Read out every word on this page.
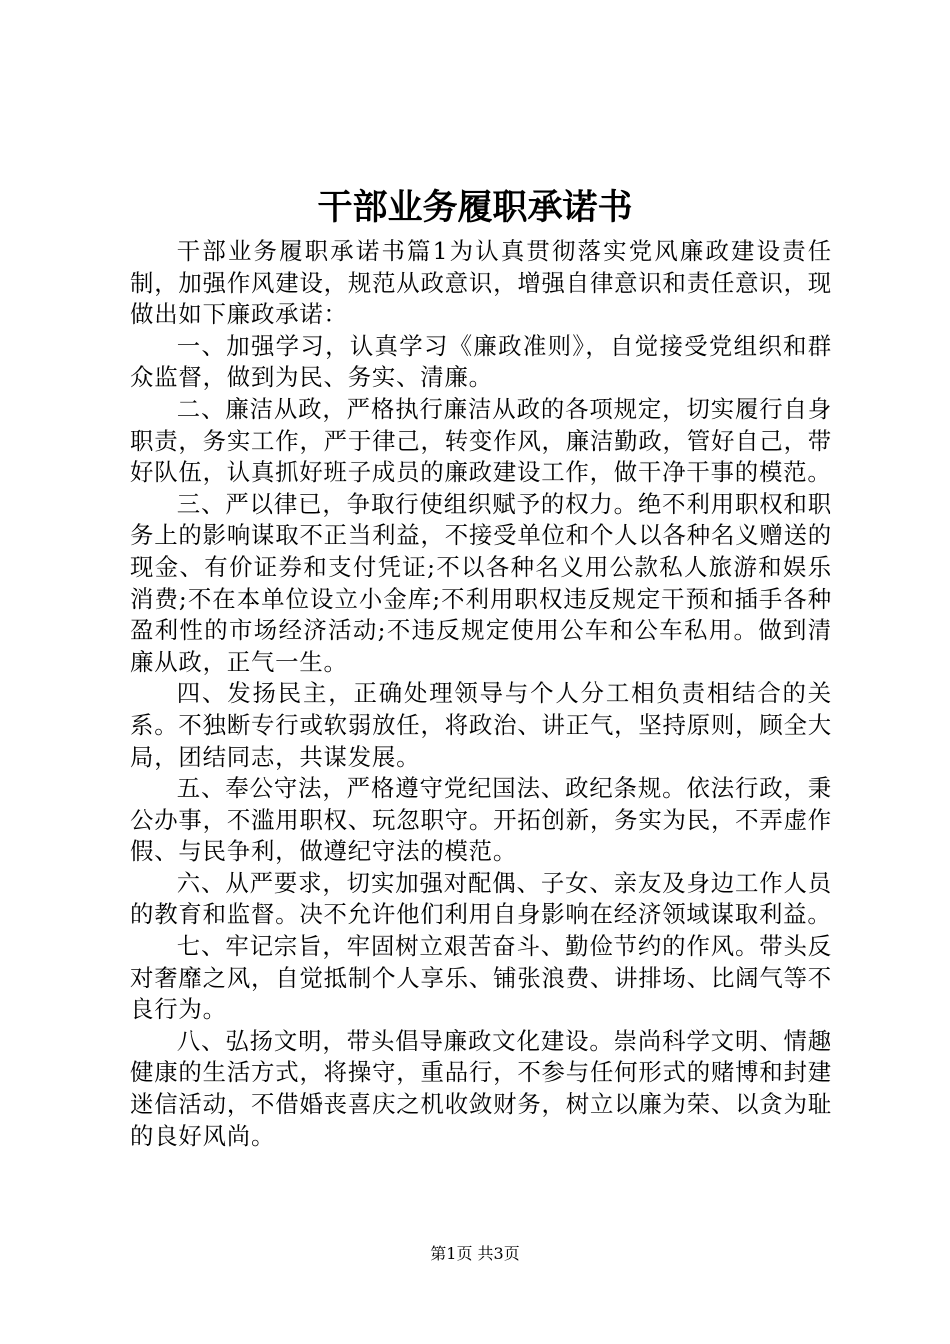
干部业务履职承诺书

干部业务履职承诺书篇1为认真贯彻落实党风廉政建设责任制，加强作风建设，规范从政意识，增强自律意识和责任意识，现做出如下廉政承诺：

一、加强学习，认真学习《廉政准则》，自觉接受党组织和群众监督，做到为民、务实、清廉。

二、廉洁从政，严格执行廉洁从政的各项规定，切实履行自身职责，务实工作，严于律己，转变作风，廉洁勤政，管好自己，带好队伍，认真抓好班子成员的廉政建设工作，做干净干事的模范。

三、严以律已，争取行使组织赋予的权力。绝不利用职权和职务上的影响谋取不正当利益，不接受单位和个人以各种名义赠送的现金、有价证券和支付凭证;不以各种名义用公款私人旅游和娱乐消费;不在本单位设立小金库;不利用职权违反规定干预和插手各种盈利性的市场经济活动;不违反规定使用公车和公车私用。做到清廉从政，正气一生。

四、发扬民主，正确处理领导与个人分工相负责相结合的关系。不独断专行或软弱放任，将政治、讲正气，坚持原则，顾全大局，团结同志，共谋发展。

五、奉公守法，严格遵守党纪国法、政纪条规。依法行政，秉公办事，不滥用职权、玩忽职守。开拓创新，务实为民，不弄虚作假、与民争利，做遵纪守法的模范。

六、从严要求，切实加强对配偶、子女、亲友及身边工作人员的教育和监督。决不允许他们利用自身影响在经济领域谋取利益。

七、牢记宗旨，牢固树立艰苦奋斗、勤俭节约的作风。带头反对奢靡之风，自觉抵制个人享乐、铺张浪费、讲排场、比阔气等不良行为。

八、弘扬文明，带头倡导廉政文化建设。崇尚科学文明、情趣健康的生活方式，将操守，重品行，不参与任何形式的赌博和封建迷信活动，不借婚丧喜庆之机收敛财务，树立以廉为荣、以贪为耻的良好风尚。

第1页 共3页
